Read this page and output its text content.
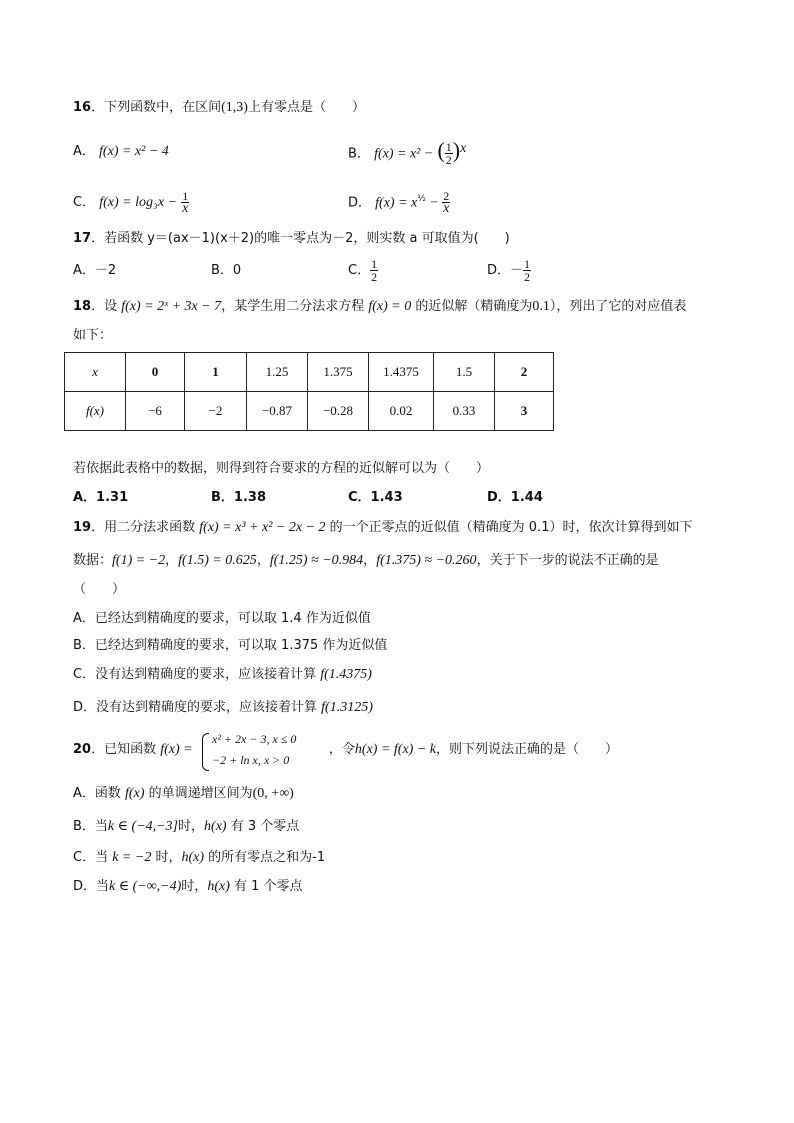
16．下列函数中，在区间(1,3)上有零点是（　　）
A． f(x) = x² − 4	B． f(x) = x² − ( $\frac{1}{2} )^x$
C． $f(x) = \log_3x - \frac{1}{x}$	D． $f(x) = x^{\frac{1}{2}} - \frac{2}{x}$
17．若函数 y＝(ax－1)(x＋2)的唯一零点为－2，则实数 a 可取值为(　　)
A．－2	B．0	C． $\frac{1}{2}$	D．－ $\frac{1}{2}$
18．设 f(x) = 2ˣ + 3x − 7，某学生用二分法求方程 f(x) = 0 的近似解（精确度为0.1），列出了它的对应值表
如下：
x	0	1	1.25	1.375	1.4375	1.5	2
f(x)	−6	−2	−0.87	−0.28	0.02	0.33	3
若依据此表格中的数据，则得到符合要求的方程的近似解可以为（　　）
A．1.31	B．1.38	C．1.43	D．1.44
19．用二分法求函数 f(x) = x³ + x² − 2x − 2 的一个正零点的近似值（精确度为 0.1）时，依次计算得到如下
数据：f(1) = −2，f(1.5) = 0.625，f(1.25) ≈ −0.984，f(1.375) ≈ −0.260，关于下一步的说法不正确的是
（　　）
A．已经达到精确度的要求，可以取 1.4 作为近似值
B．已经达到精确度的要求，可以取 1.375 作为近似值
C．没有达到精确度的要求，应该接着计算 f(1.4375)
D．没有达到精确度的要求，应该接着计算 f(1.3125)
20．已知函数 f(x) =	，令h(x) = f(x) − k，则下列说法正确的是（　　）
x² + 2x − 3, x ≤ 0
−2 + ln x, x > 0
A．函数 f(x) 的单调递增区间为(0, +∞)
B．当k ∈ (−4,−3]时，h(x) 有 3 个零点
C．当 k = −2 时，h(x) 的所有零点之和为-1
D．当k ∈ (−∞,−4)时，h(x) 有 1 个零点
